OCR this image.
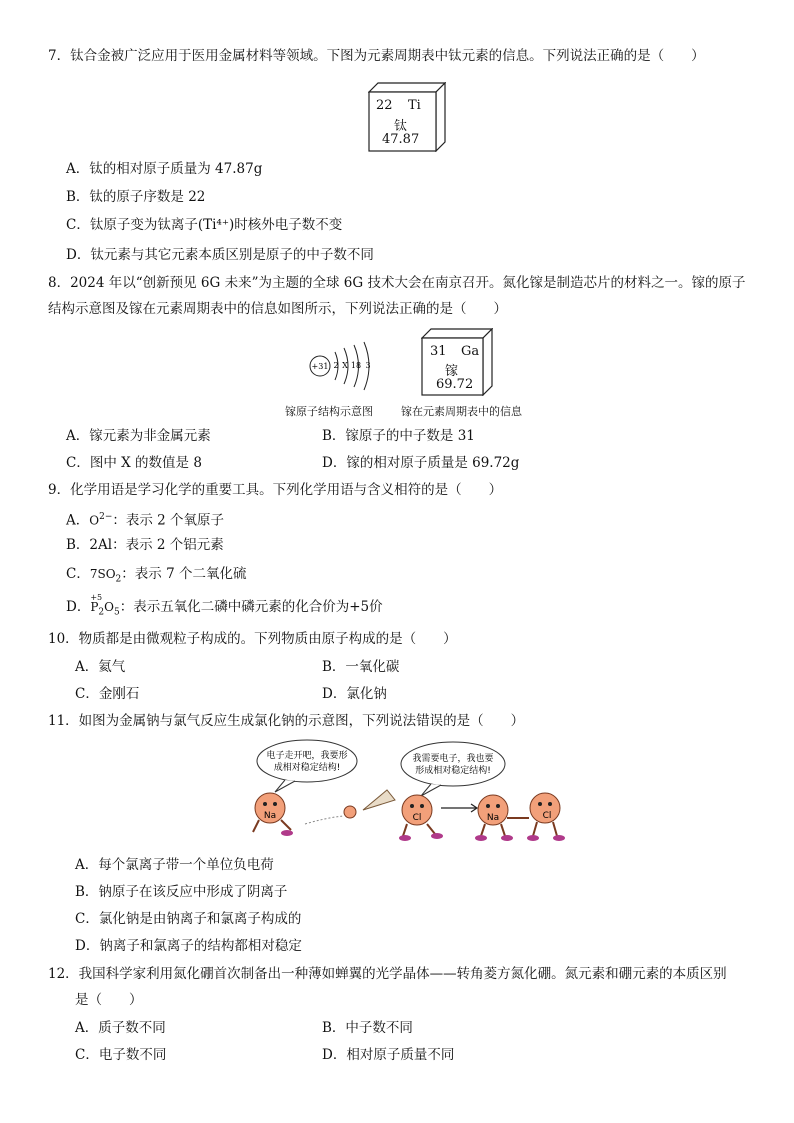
7．钛合金被广泛应用于医用金属材料等领域。下图为元素周期表中钛元素的信息。下列说法正确的是（　　）
22 Ti
钛
47.87
A．钛的相对原子质量为 47.87g
B．钛的原子序数是 22
C．钛原子变为钛离子(Ti⁴⁺)时核外电子数不变
D．钛元素与其它元素本质区别是原子的中子数不同
8．2024 年以“创新预见 6G 未来”为主题的全球 6G 技术大会在南京召开。氮化镓是制造芯片的材料之一。镓的原子
结构示意图及镓在元素周期表中的信息如图所示，下列说法正确的是（　　）
+31 2 X 18 3
31 Ga
镓
69.72
镓原子结构示意图	镓在元素周期表中的信息
A．镓元素为非金属元素	B．镓原子的中子数是 31
C．图中 X 的数值是 8	D．镓的相对原子质量是 69.72g
9．化学用语是学习化学的重要工具。下列化学用语与含义相符的是（　　）
A．$O^{2-}$：表示 2 个氧原子
B．2Al：表示 2 个铝元素
C．$7SO_2$：表示 7 个二氧化硫
D．
+5
$P_2O_5$：表示五氧化二磷中磷元素的化合价为+5价
10．物质都是由微观粒子构成的。下列物质由原子构成的是（　　）
A．氦气	B．一氧化碳
C．金刚石	D．氯化钠
11．如图为金属钠与氯气反应生成氯化钠的示意图，下列说法错误的是（　　）
电子走开吧，我要形
成相对稳定结构!
我需要电子，我也要
形成相对稳定结构!
Na	Cl	Na	Cl
A．每个氯离子带一个单位负电荷
B．钠原子在该反应中形成了阴离子
C．氯化钠是由钠离子和氯离子构成的
D．钠离子和氯离子的结构都相对稳定
12．我国科学家利用氮化硼首次制备出一种薄如蝉翼的光学晶体——转角菱方氮化硼。氮元素和硼元素的本质区别
是（　　）
A．质子数不同	B．中子数不同
C．电子数不同	D．相对原子质量不同
